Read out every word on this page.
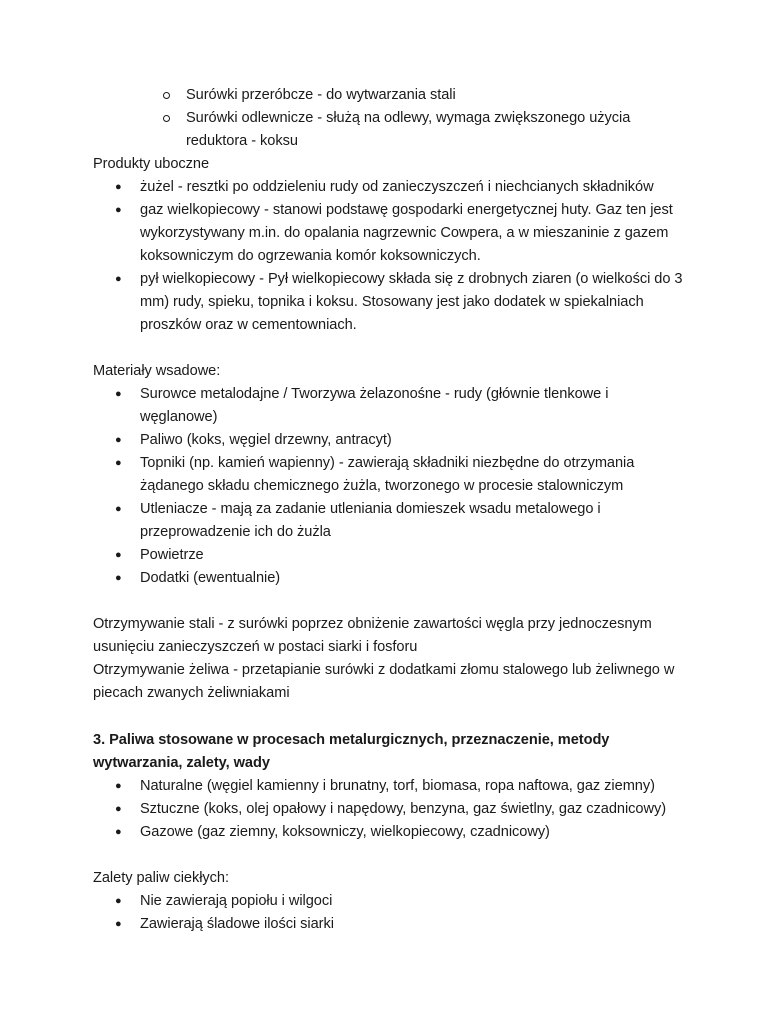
Surówki przeróbcze - do wytwarzania stali
Surówki odlewnicze - służą na odlewy, wymaga zwiększonego użycia
reduktora - koksu
Produkty uboczne
● żużel - resztki po oddzieleniu rudy od zanieczyszczeń i niechcianych składników
● gaz wielkopiecowy - stanowi podstawę gospodarki energetycznej huty. Gaz ten jest
wykorzystywany m.in. do opalania nagrzewnic Cowpera, a w mieszaninie z gazem
koksowniczym do ogrzewania komór koksowniczych.
● pył wielkopiecowy - Pył wielkopiecowy składa się z drobnych ziaren (o wielkości do 3
mm) rudy, spieku, topnika i koksu. Stosowany jest jako dodatek w spiekalniach
proszków oraz w cementowniach.
Materiały wsadowe:
● Surowce metalodajne / Tworzywa żelazonośne - rudy (głównie tlenkowe i
węglanowe)
● Paliwo (koks, węgiel drzewny, antracyt)
● Topniki (np. kamień wapienny) - zawierają składniki niezbędne do otrzymania
żądanego składu chemicznego żużla, tworzonego w procesie stalowniczym
● Utleniacze - mają za zadanie utleniania domieszek wsadu metalowego i
przeprowadzenie ich do żużla
● Powietrze
● Dodatki (ewentualnie)
Otrzymywanie stali - z surówki poprzez obniżenie zawartości węgla przy jednoczesnym
usunięciu zanieczyszczeń w postaci siarki i fosforu
Otrzymywanie żeliwa - przetapianie surówki z dodatkami złomu stalowego lub żeliwnego w
piecach zwanych żeliwniakami
3. Paliwa stosowane w procesach metalurgicznych, przeznaczenie, metody
wytwarzania, zalety, wady
● Naturalne (węgiel kamienny i brunatny, torf, biomasa, ropa naftowa, gaz ziemny)
● Sztuczne (koks, olej opałowy i napędowy, benzyna, gaz świetlny, gaz czadnicowy)
● Gazowe (gaz ziemny, koksowniczy, wielkopiecowy, czadnicowy)
Zalety paliw ciekłych:
● Nie zawierają popiołu i wilgoci
● Zawierają śladowe ilości siarki
